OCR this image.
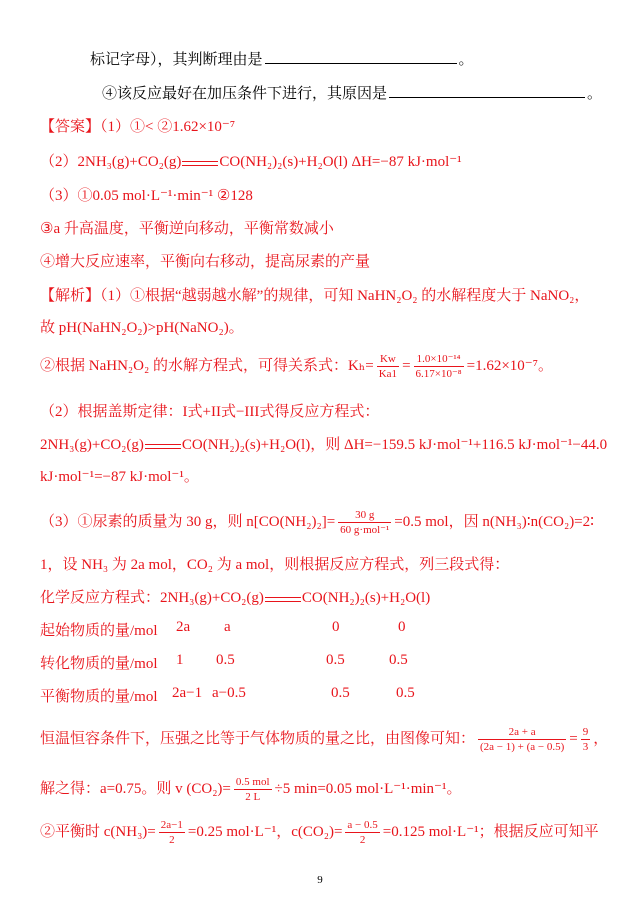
标记字母），其判断理由是	。
④该反应最好在加压条件下进行，其原因是	。
【答案】（1）①< ②1.62×10⁻⁷
（2）2NH₃(g)+CO₂(g)	CO(NH₂)₂(s)+H₂O(l) ΔH=−87 kJ·mol⁻¹
（3）①0.05 mol·L⁻¹·min⁻¹ ②128
③a 升高温度，平衡逆向移动，平衡常数减小
④增大反应速率，平衡向右移动，提高尿素的产量
【解析】（1）①根据“越弱越水解”的规律，可知 NaHN₂O₂ 的水解程度大于 NaNO₂，
故 pH(NaHN₂O₂)>pH(NaNO₂)。
②根据 NaHN₂O₂ 的水解方程式，可得关系式：$K_h= \frac{Kw}{Ka1} = \frac{\text{1.0×10⁻¹⁴}}{\text{6.17×10⁻⁸}} =1.62\times 10^{-7}$。
（2）根据盖斯定律：I式+II式−III式得反应方程式：
2NH₃(g)+CO₂(g)	CO(NH₂)₂(s)+H₂O(l)，则 ΔH=−159.5 kJ·mol⁻¹+116.5 kJ·mol⁻¹−44.0
kJ·mol⁻¹=−87 kJ·mol⁻¹。
（3）①尿素的质量为 30 g，则 $n[CO(NH_2)_2]= \frac{30 g}{\text{60 g·mol⁻¹}} =0.5$ mol，因 n(NH₃)∶n(CO₂)=2∶
1，设 NH₃ 为 2a mol，CO₂ 为 a mol，则根据反应方程式，列三段式得：
化学反应方程式：2NH₃(g)+CO₂(g)	CO(NH₂)₂(s)+H₂O(l)
起始物质的量/mol 2a a	0	0
转化物质的量/mol 1 0.5	0.5	0.5
平衡物质的量/mol 2a−1 a−0.5	0.5	0.5
恒温恒容条件下，压强之比等于气体物质的量之比，由图像可知： $\frac{2a + a}{(2a - 1) + (a - 0.5)} = \frac{9}{3}$ ，
解之得：a=0.75。则 v $(CO_2)= \frac{\text{0.5 mol}}{2 L} \div 5$ min=0.05 mol·L⁻¹·min⁻¹。
②平衡时 $c(NH_3)= \frac{2a-1}{2} =0.25$ mol·L⁻¹，$c(CO_2)= \frac{a - 0.5}{2} =0.125$ mol·L⁻¹；根据反应可知平
9
